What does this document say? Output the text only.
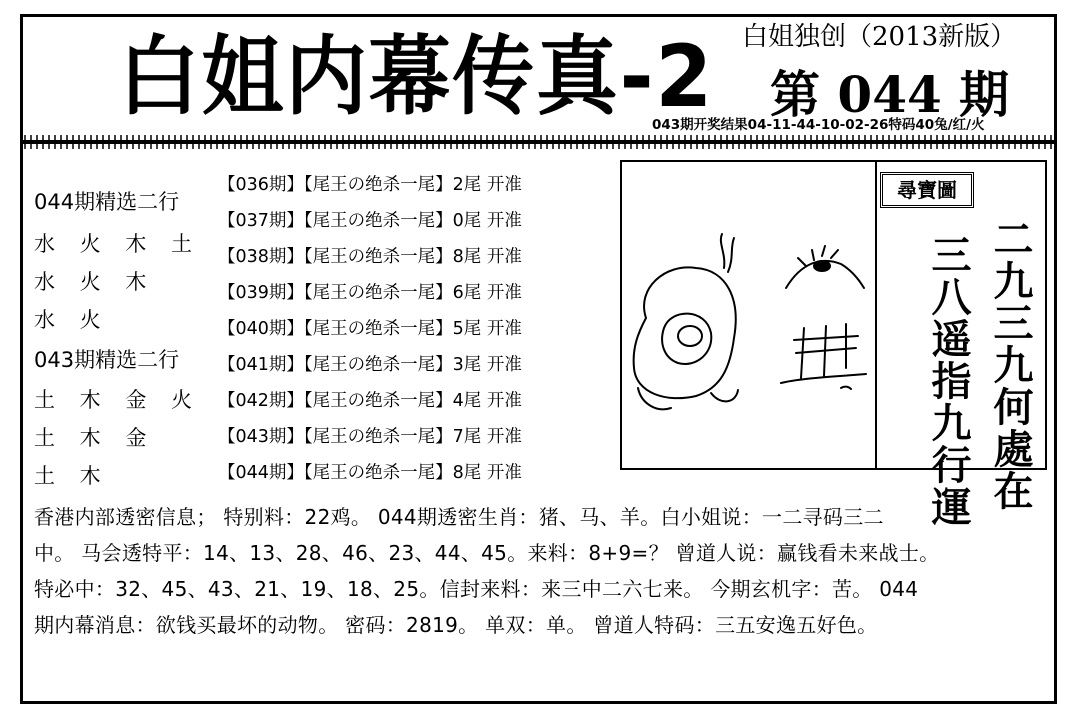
白姐内幕传真-2 白姐独创（2013新版）
第 044 期
043期开奖结果04-11-44-10-02-26特码40兔/红/火
044期精选二行
水 火 木 土
水 火 木
水 火
043期精选二行
土 木 金 火
土 木 金
土 木
【036期】【尾王の绝杀一尾】2尾 开准
【037期】【尾王の绝杀一尾】0尾 开准
【038期】【尾王の绝杀一尾】8尾 开准
【039期】【尾王の绝杀一尾】6尾 开准
【040期】【尾王の绝杀一尾】5尾 开准
【041期】【尾王の绝杀一尾】3尾 开准
【042期】【尾王の绝杀一尾】4尾 开准
【043期】【尾王の绝杀一尾】7尾 开准
【044期】【尾王の绝杀一尾】8尾 开准
尋寶圖
二九三九何處在
三八遥指九行運
香港内部透密信息； 特别料：22鸡。 044期透密生肖：猪、马、羊。白小姐说：一二寻码三二
中。 马会透特平：14、13、28、46、23、44、45。来料：8+9=？ 曾道人说：赢钱看未来战士。
特必中：32、45、43、21、19、18、25。信封来料：来三中二六七来。 今期玄机字：苦。 044
期内幕消息：欲钱买最坏的动物。 密码：2819。 单双：单。 曾道人特码：三五安逸五好色。
